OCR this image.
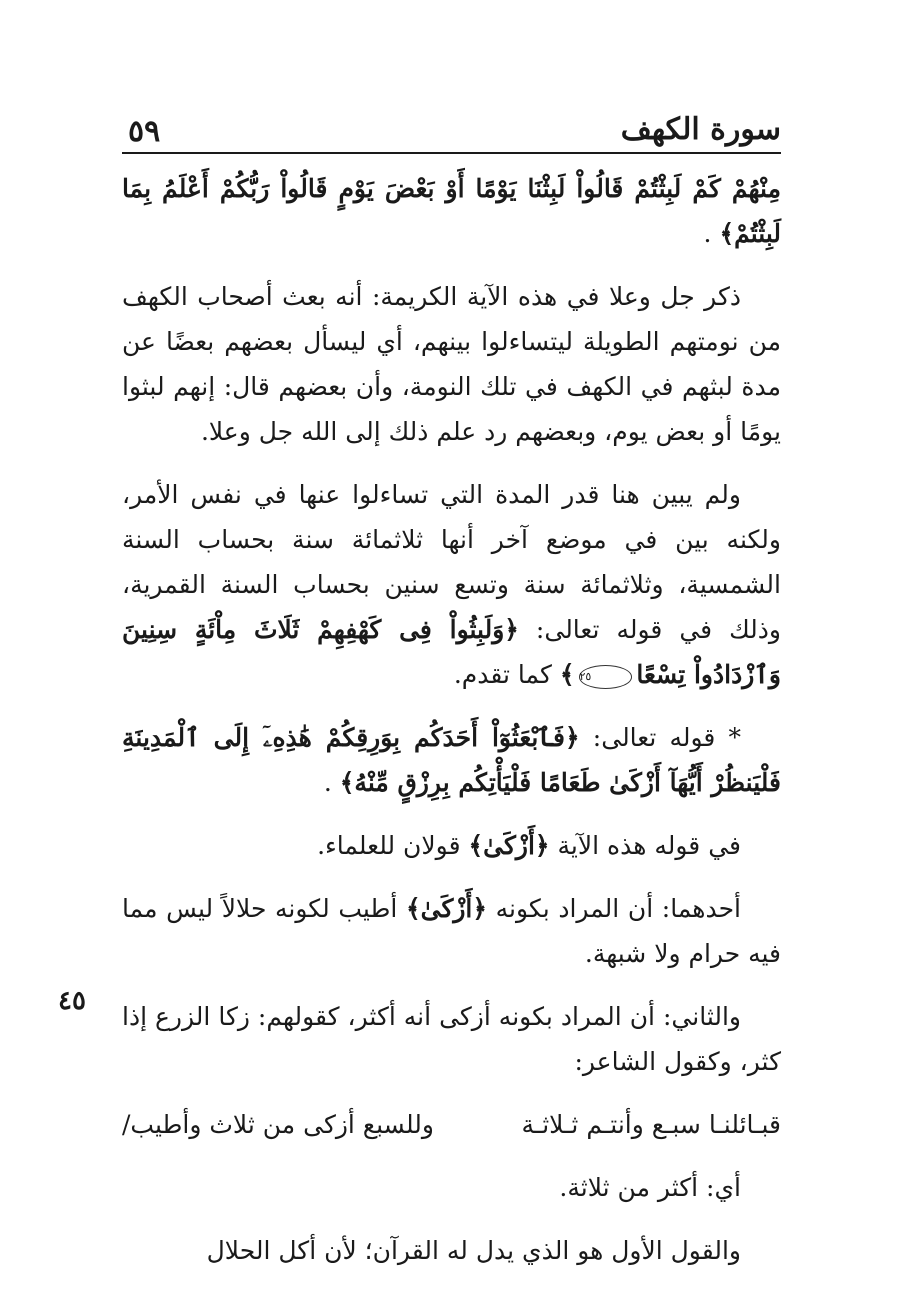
٥٩	سورة الكهف
٤٥

مِنْهُمْ كَمْ لَبِثْتُمْ قَالُواْ لَبِثْنَا يَوْمًا أَوْ بَعْضَ يَوْمٍ قَالُواْ رَبُّكُمْ أَعْلَمُ بِمَا لَبِثْتُمْ﴾ .

ذكر جل وعلا في هذه الآية الكريمة: أنه بعث أصحاب الكهف من نومتهم الطويلة ليتساءلوا بينهم، أي ليسأل بعضهم بعضًا عن مدة لبثهم في الكهف في تلك النومة، وأن بعضهم قال: إنهم لبثوا يومًا أو بعض يوم، وبعضهم رد علم ذلك إلى الله جل وعلا.

ولم يبين هنا قدر المدة التي تساءلوا عنها في نفس الأمر، ولكنه بين في موضع آخر أنها ثلاثمائة سنة بحساب السنة الشمسية، وثلاثمائة سنة وتسع سنين بحساب السنة القمرية، وذلك في قوله تعالى: ﴿وَلَبِثُواْ فِى كَهْفِهِمْ ثَلَاثَ مِاْئَةٍ سِنِينَ وَٱزْدَادُواْ تِسْعًا٢٥﴾ كما تقدم.

* قوله تعالى: ﴿فَٱبْعَثُوٓاْ أَحَدَكُم بِوَرِقِكُمْ هَٰذِهِۦٓ إِلَى ٱلْمَدِينَةِ فَلْيَنظُرْ أَيُّهَآ أَزْكَىٰ طَعَامًا فَلْيَأْتِكُم بِرِزْقٍ مِّنْهُ﴾ .

في قوله هذه الآية ﴿أَزْكَىٰ﴾ قولان للعلماء.

أحدهما: أن المراد بكونه ﴿أَزْكَىٰ﴾ أطيب لكونه حلالاً ليس مما فيه حرام ولا شبهة.

والثاني: أن المراد بكونه أزكى أنه أكثر، كقولهم: زكا الزرع إذا كثر، وكقول الشاعر:

قبـائلنـا سبـع وأنتـم ثـلاثـة
وللسبع أزكى من ثلاث وأطيب/

أي: أكثر من ثلاثة.

والقول الأول هو الذي يدل له القرآن؛ لأن أكل الحلال
